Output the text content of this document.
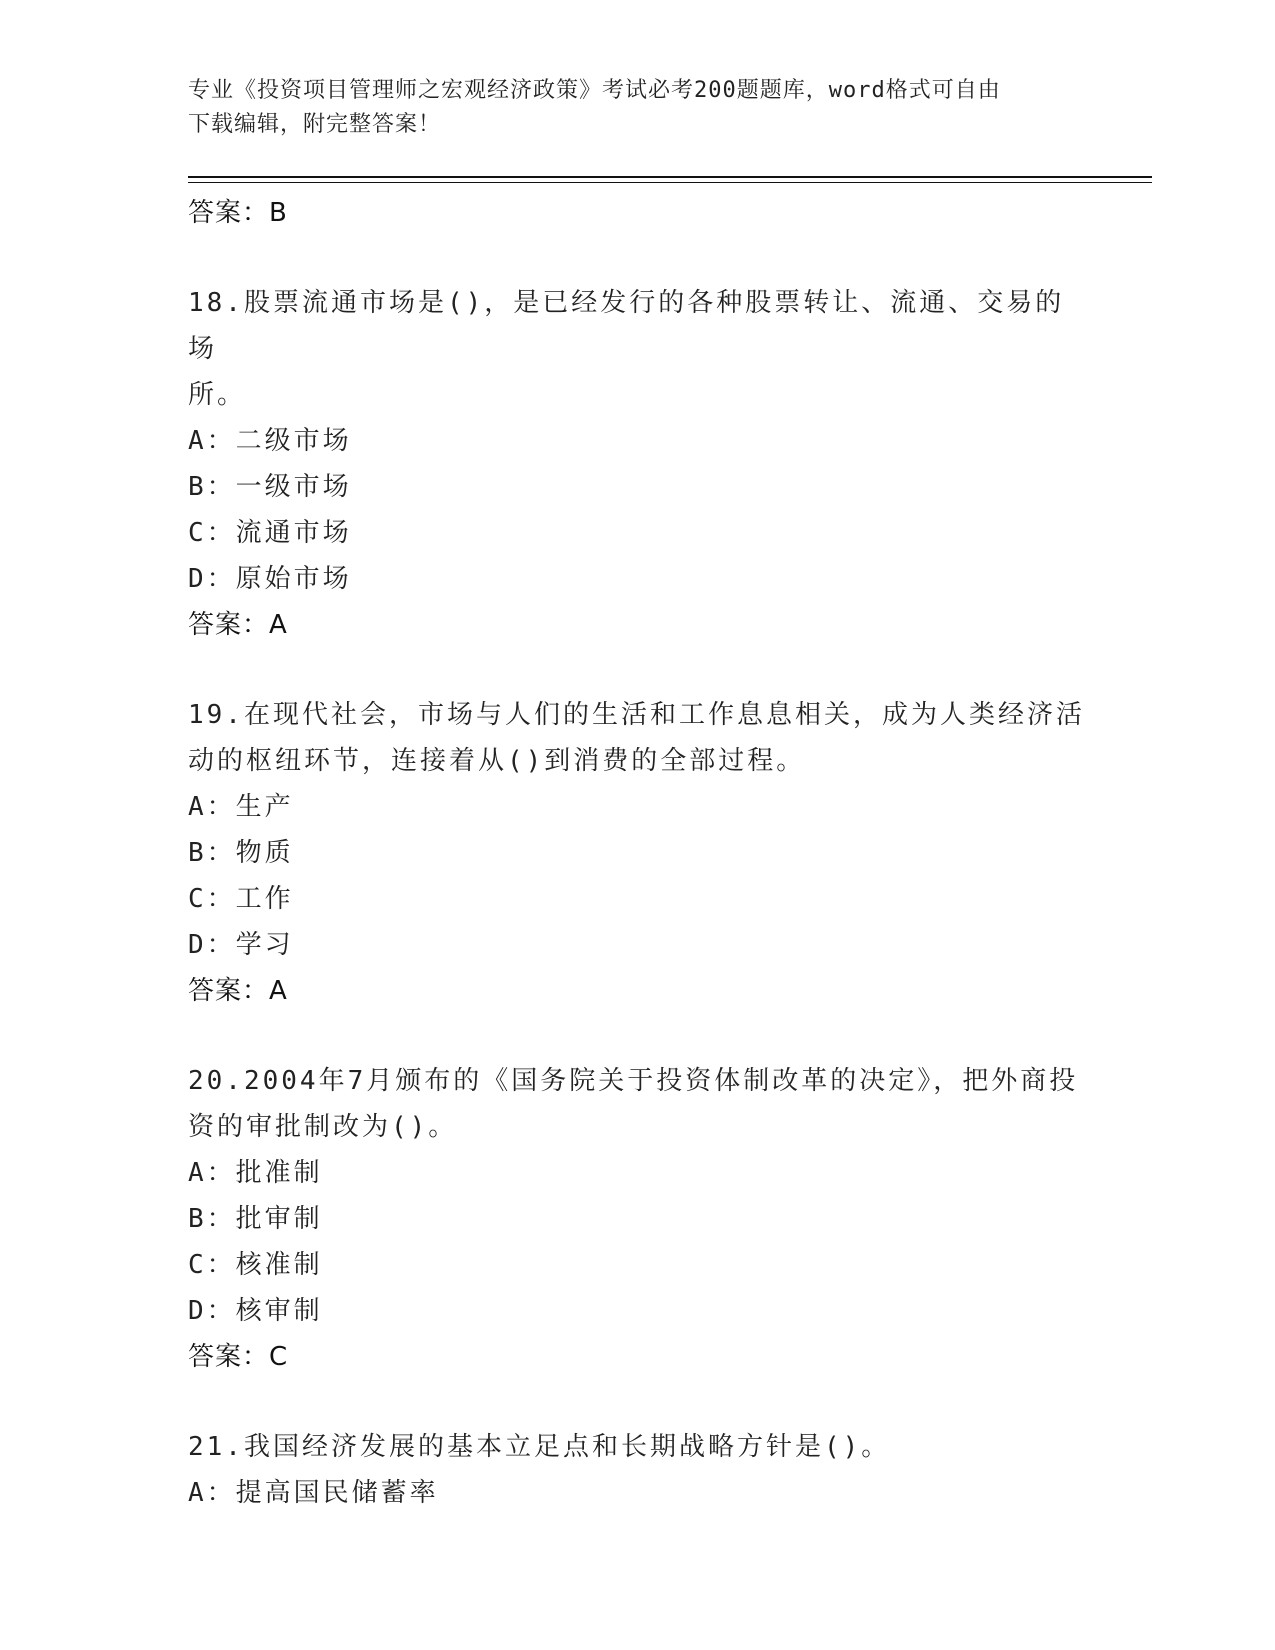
专业《投资项目管理师之宏观经济政策》考试必考200题题库，word格式可自由
下载编辑，附完整答案！
答案：B
18.股票流通市场是()，是已经发行的各种股票转让、流通、交易的场
所。
A：二级市场
B：一级市场
C：流通市场
D：原始市场
答案：A
19.在现代社会，市场与人们的生活和工作息息相关，成为人类经济活
动的枢纽环节，连接着从()到消费的全部过程。
A：生产
B：物质
C：工作
D：学习
答案：A
20.2004年7月颁布的《国务院关于投资体制改革的决定》，把外商投
资的审批制改为()。
A：批准制
B：批审制
C：核准制
D：核审制
答案：C
21.我国经济发展的基本立足点和长期战略方针是()。
A：提高国民储蓄率
